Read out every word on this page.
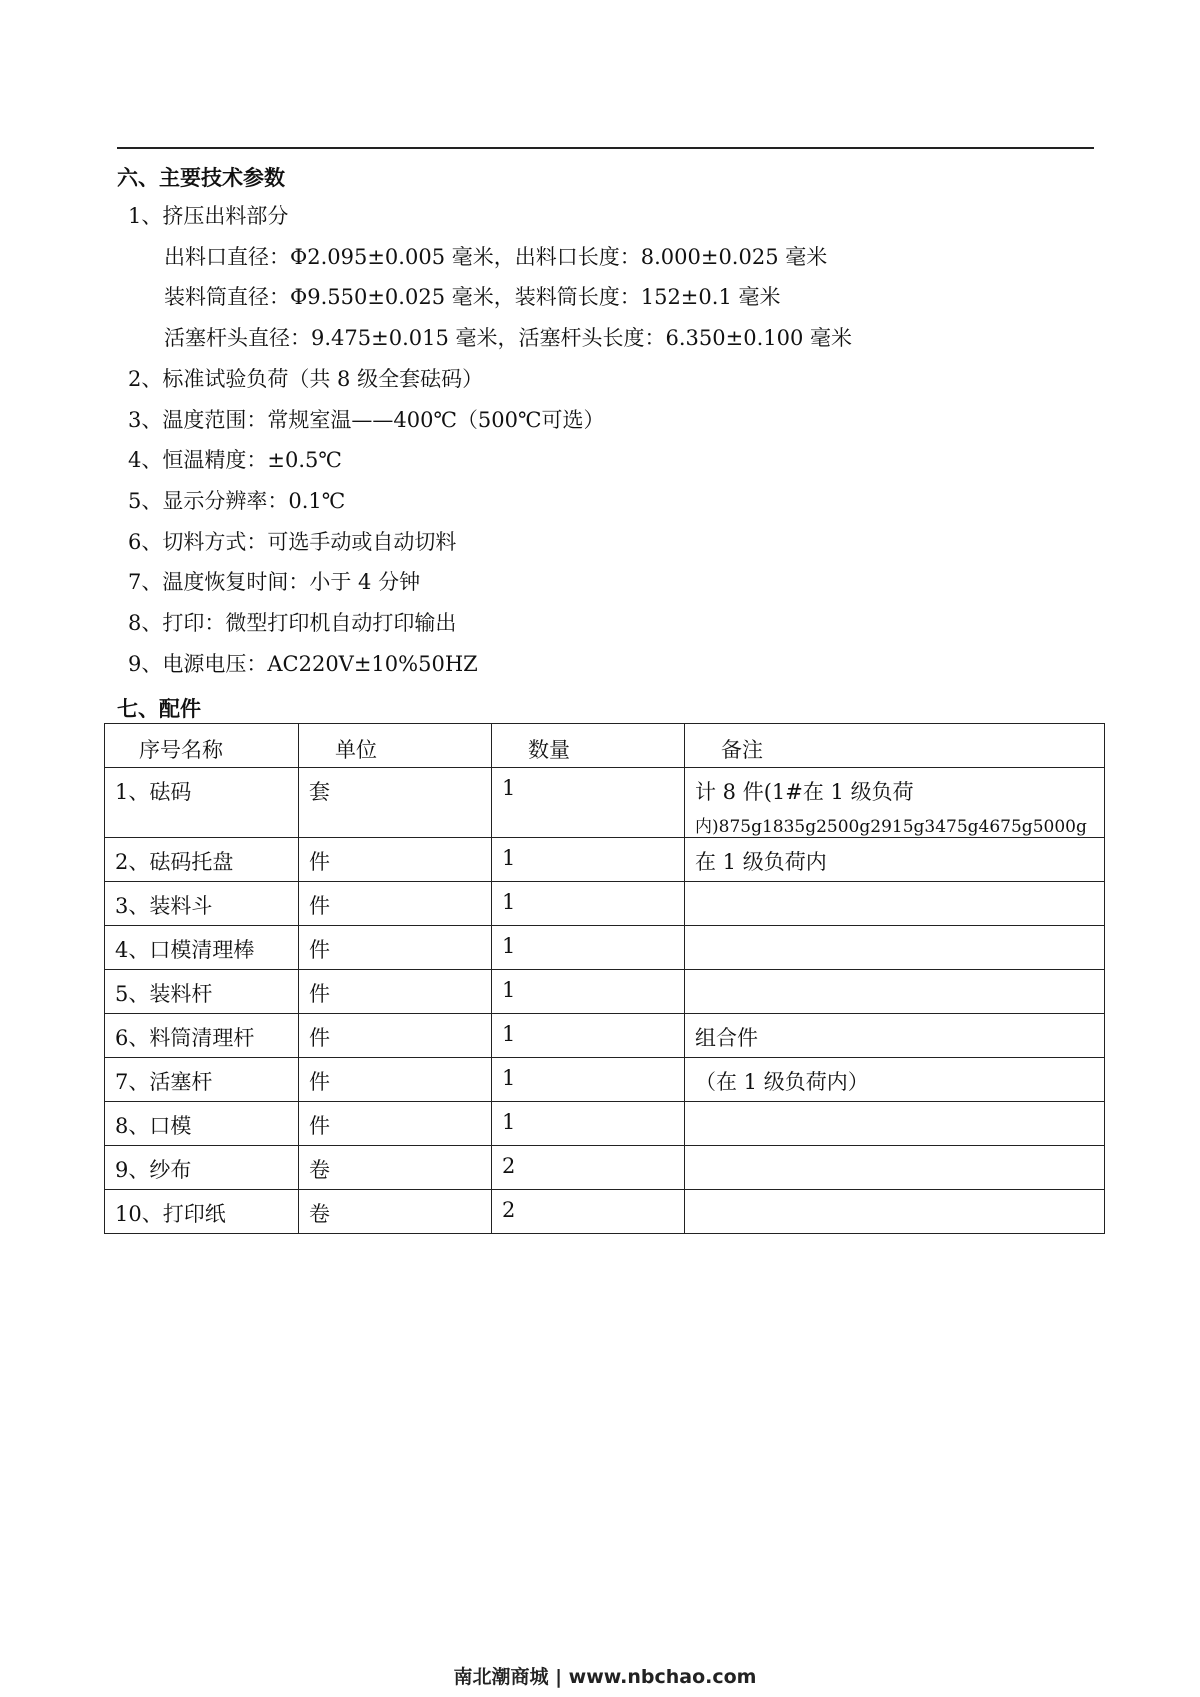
六、主要技术参数
1、挤压出料部分
出料口直径：Φ2.095±0.005 毫米，出料口长度：8.000±0.025 毫米
装料筒直径：Φ9.550±0.025 毫米，装料筒长度：152±0.1 毫米
活塞杆头直径：9.475±0.015 毫米，活塞杆头长度：6.350±0.100 毫米
2、标准试验负荷（共 8 级全套砝码）
3、温度范围：常规室温——400℃（500℃可选）
4、恒温精度：±0.5℃
5、显示分辨率：0.1℃
6、切料方式：可选手动或自动切料
7、温度恢复时间：小于 4 分钟
8、打印：微型打印机自动打印输出
9、电源电压：AC220V±10%50HZ
七、配件
序号名称	单位	数量	备注
1、砝码	套	1	计 8 件(1#在 1 级负荷
内)875g1835g2500g2915g3475g4675g5000g

2、砝码托盘	件	1	在 1 级负荷内
3、装料斗	件	1	
4、口模清理棒	件	1	
5、装料杆	件	1	
6、料筒清理杆	件	1	组合件
7、活塞杆	件	1	（在 1 级负荷内）
8、口模	件	1	
9、纱布	卷	2	
10、打印纸	卷	2	
南北潮商城 | www.nbchao.com
